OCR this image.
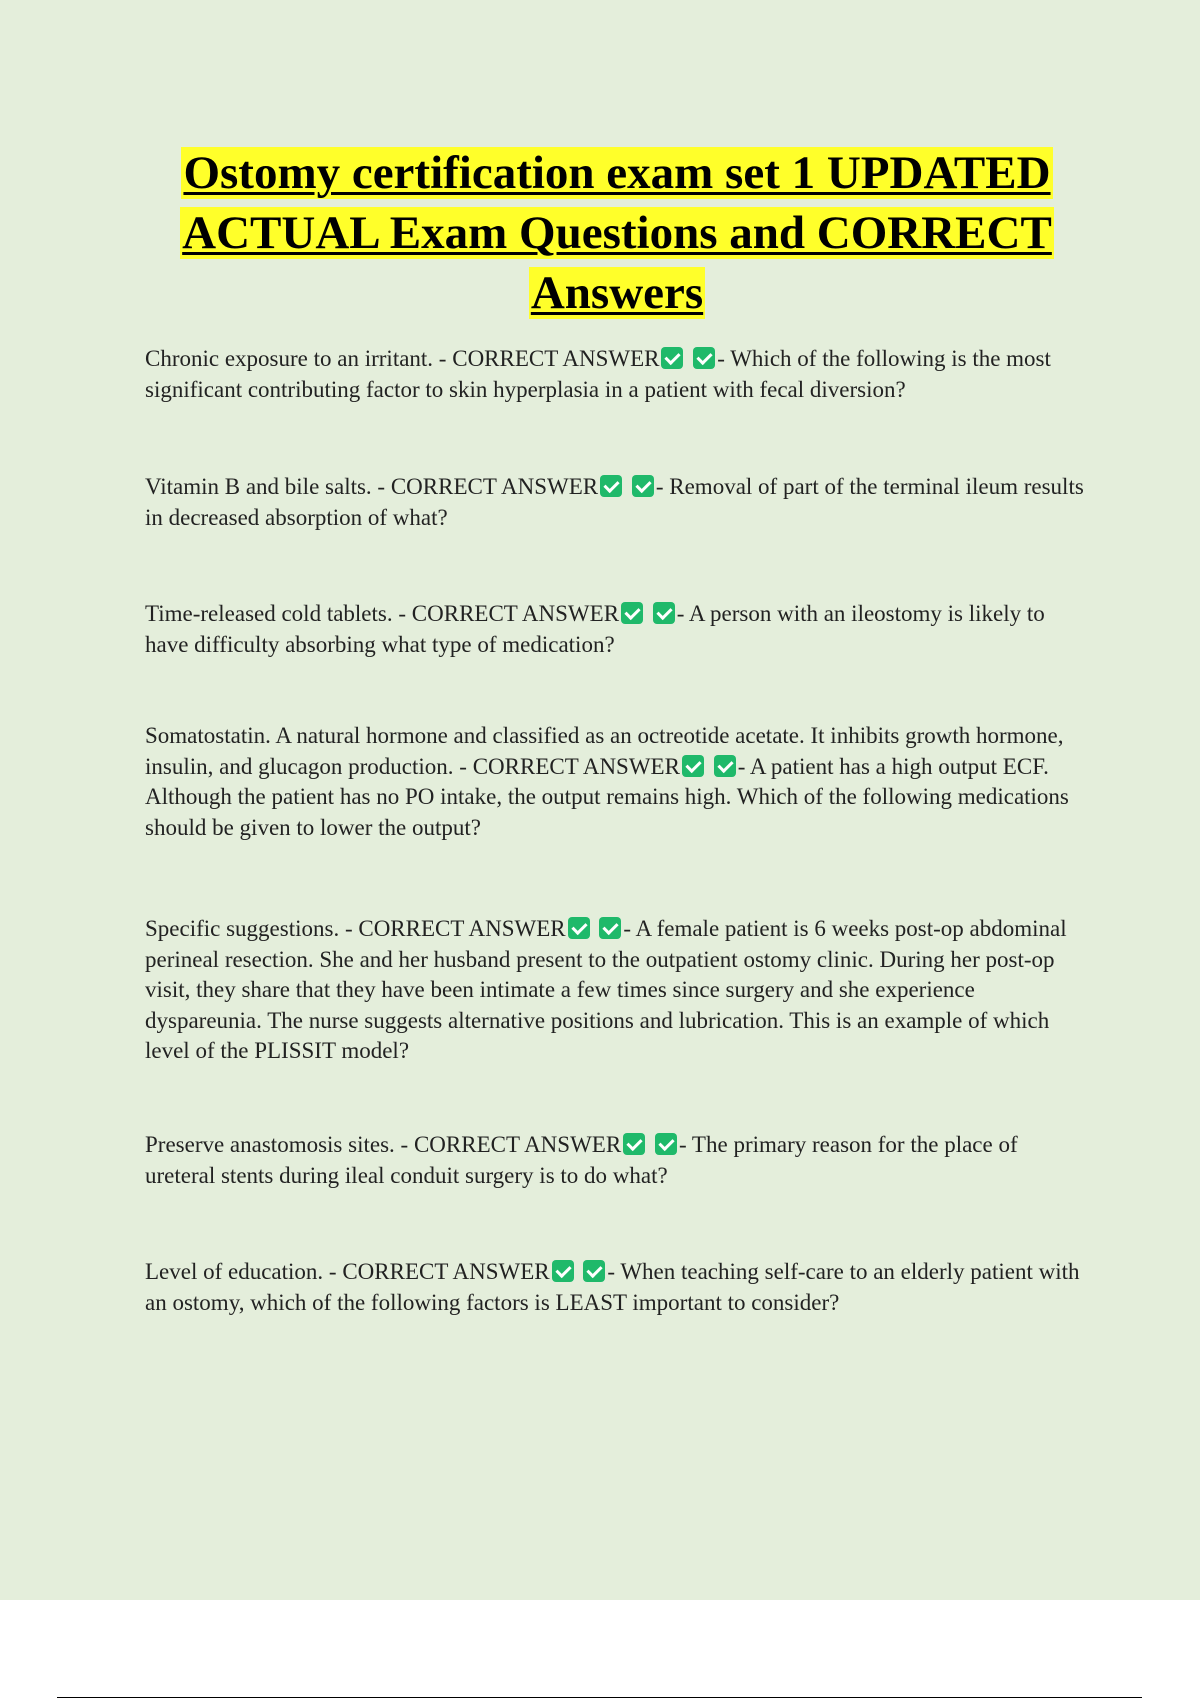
Ostomy certification exam set 1 UPDATED
ACTUAL Exam Questions and CORRECT
Answers

Chronic exposure to an irritant. - CORRECT ANSWER	- Which of the following is the most significant contributing factor to skin hyperplasia in a patient with fecal diversion?

Vitamin B and bile salts. - CORRECT ANSWER	- Removal of part of the terminal ileum results in decreased absorption of what?

Time-released cold tablets. - CORRECT ANSWER	- A person with an ileostomy is likely to have difficulty absorbing what type of medication?

Somatostatin. A natural hormone and classified as an octreotide acetate. It inhibits growth hormone, insulin, and glucagon production. - CORRECT ANSWER	- A patient has a high output ECF. Although the patient has no PO intake, the output remains high. Which of the following medications should be given to lower the output?

Specific suggestions. - CORRECT ANSWER	- A female patient is 6 weeks post-op abdominal perineal resection. She and her husband present to the outpatient ostomy clinic. During her post-op visit, they share that they have been intimate a few times since surgery and she experience dyspareunia. The nurse suggests alternative positions and lubrication. This is an example of which level of the PLISSIT model?

Preserve anastomosis sites. - CORRECT ANSWER	- The primary reason for the place of ureteral stents during ileal conduit surgery is to do what?

Level of education. - CORRECT ANSWER	- When teaching self-care to an elderly patient with an ostomy, which of the following factors is LEAST important to consider?
